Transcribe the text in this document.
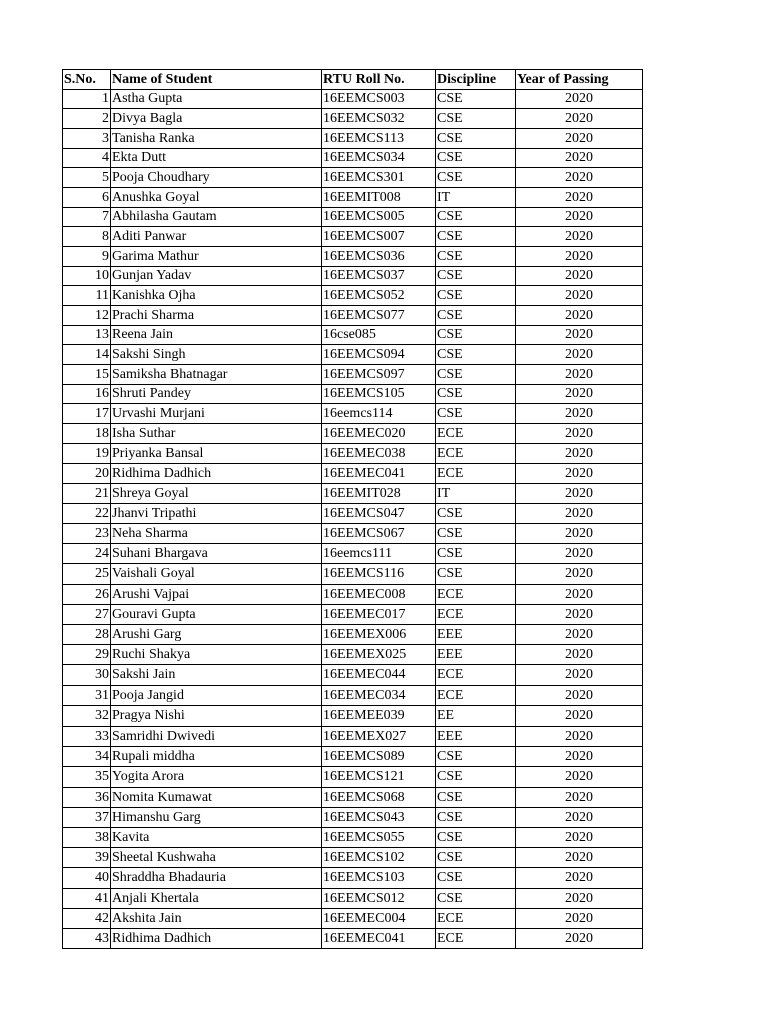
S.No.	Name of Student	RTU Roll No.	Discipline	Year of Passing
1	Astha Gupta	16EEMCS003	CSE	2020
2	Divya Bagla	16EEMCS032	CSE	2020
3	Tanisha Ranka	16EEMCS113	CSE	2020
4	Ekta Dutt	16EEMCS034	CSE	2020
5	Pooja Choudhary	16EEMCS301	CSE	2020
6	Anushka Goyal	16EEMIT008	IT	2020
7	Abhilasha Gautam	16EEMCS005	CSE	2020
8	Aditi Panwar	16EEMCS007	CSE	2020
9	Garima Mathur	16EEMCS036	CSE	2020
10	Gunjan Yadav	16EEMCS037	CSE	2020
11	Kanishka Ojha	16EEMCS052	CSE	2020
12	Prachi Sharma	16EEMCS077	CSE	2020
13	Reena Jain	16cse085	CSE	2020
14	Sakshi Singh	16EEMCS094	CSE	2020
15	Samiksha Bhatnagar	16EEMCS097	CSE	2020
16	Shruti Pandey	16EEMCS105	CSE	2020
17	Urvashi Murjani	16eemcs114	CSE	2020
18	Isha Suthar	16EEMEC020	ECE	2020
19	Priyanka Bansal	16EEMEC038	ECE	2020
20	Ridhima Dadhich	16EEMEC041	ECE	2020
21	Shreya Goyal	16EEMIT028	IT	2020
22	Jhanvi Tripathi	16EEMCS047	CSE	2020
23	Neha Sharma	16EEMCS067	CSE	2020
24	Suhani Bhargava	16eemcs111	CSE	2020
25	Vaishali Goyal	16EEMCS116	CSE	2020
26	Arushi Vajpai	16EEMEC008	ECE	2020
27	Gouravi Gupta	16EEMEC017	ECE	2020
28	Arushi Garg	16EEMEX006	EEE	2020
29	Ruchi Shakya	16EEMEX025	EEE	2020
30	Sakshi Jain	16EEMEC044	ECE	2020
31	Pooja Jangid	16EEMEC034	ECE	2020
32	Pragya Nishi	16EEMEE039	EE	2020
33	Samridhi Dwivedi	16EEMEX027	EEE	2020
34	Rupali middha	16EEMCS089	CSE	2020
35	Yogita Arora	16EEMCS121	CSE	2020
36	Nomita Kumawat	16EEMCS068	CSE	2020
37	Himanshu Garg	16EEMCS043	CSE	2020
38	Kavita	16EEMCS055	CSE	2020
39	Sheetal Kushwaha	16EEMCS102	CSE	2020
40	Shraddha Bhadauria	16EEMCS103	CSE	2020
41	Anjali Khertala	16EEMCS012	CSE	2020
42	Akshita Jain	16EEMEC004	ECE	2020
43	Ridhima Dadhich	16EEMEC041	ECE	2020
